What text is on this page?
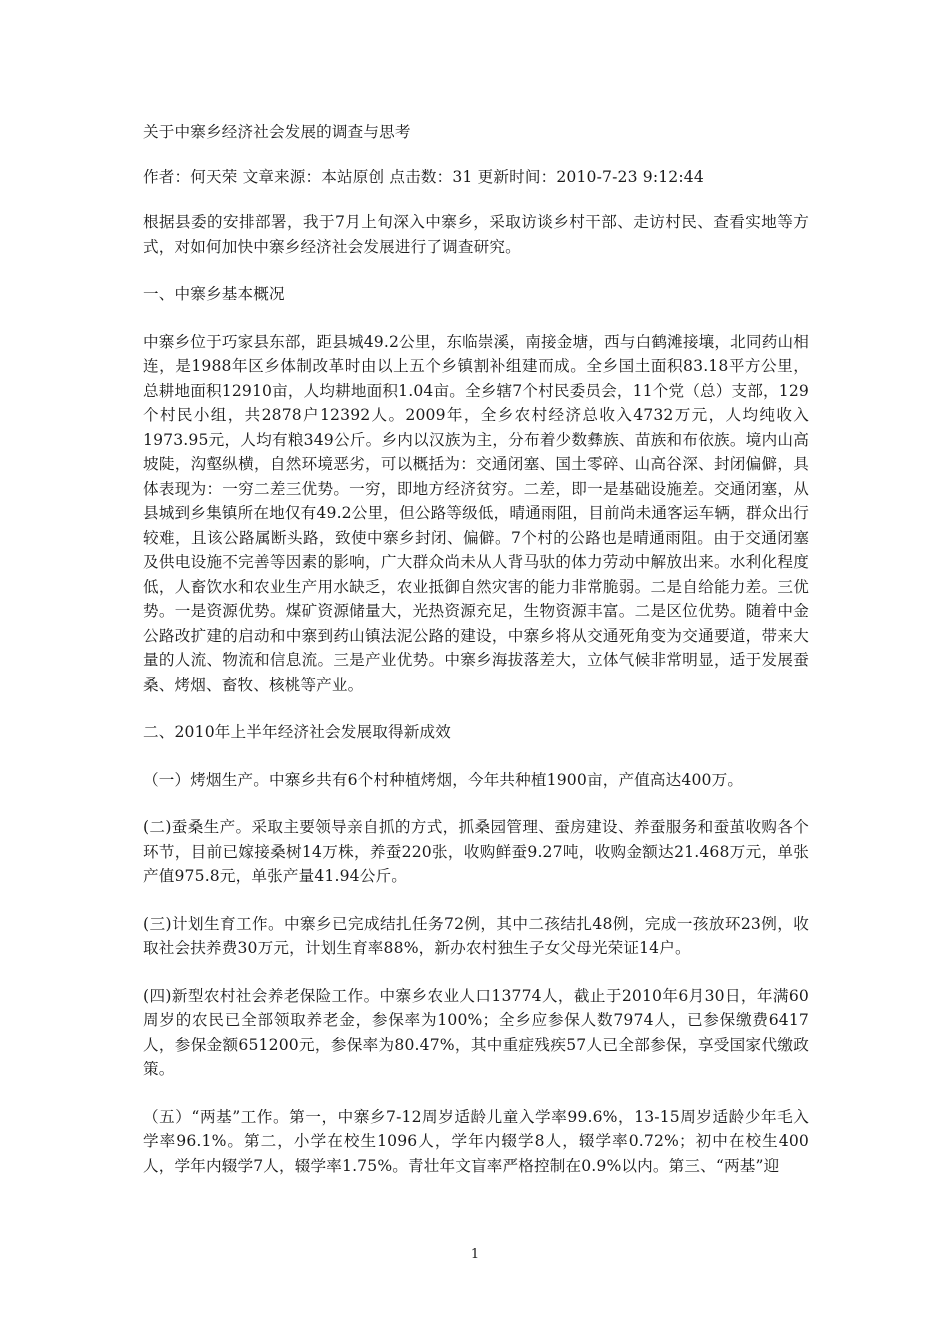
关于中寨乡经济社会发展的调查与思考

作者：何天荣 文章来源：本站原创 点击数：31 更新时间：2010-7-23 9:12:44

根据县委的安排部署，我于7月上旬深入中寨乡，采取访谈乡村干部、走访村民、查看实地等方式，对如何加快中寨乡经济社会发展进行了调查研究。

一、中寨乡基本概况

中寨乡位于巧家县东部，距县城49.2公里，东临崇溪，南接金塘，西与白鹤滩接壤，北同药山相连，是1988年区乡体制改革时由以上五个乡镇割补组建而成。全乡国土面积83.18平方公里，总耕地面积12910亩，人均耕地面积1.04亩。全乡辖7个村民委员会，11个党（总）支部，129个村民小组，共2878户12392人。2009年，全乡农村经济总收入4732万元，人均纯收入1973.95元，人均有粮349公斤。乡内以汉族为主，分布着少数彝族、苗族和布依族。境内山高坡陡，沟壑纵横，自然环境恶劣，可以概括为：交通闭塞、国土零碎、山高谷深、封闭偏僻，具体表现为：一穷二差三优势。一穷，即地方经济贫穷。二差，即一是基础设施差。交通闭塞，从县城到乡集镇所在地仅有49.2公里，但公路等级低，晴通雨阻，目前尚未通客运车辆，群众出行较难，且该公路属断头路，致使中寨乡封闭、偏僻。7个村的公路也是晴通雨阻。由于交通闭塞及供电设施不完善等因素的影响，广大群众尚未从人背马驮的体力劳动中解放出来。水利化程度低，人畜饮水和农业生产用水缺乏，农业抵御自然灾害的能力非常脆弱。二是自给能力差。三优势。一是资源优势。煤矿资源储量大，光热资源充足，生物资源丰富。二是区位优势。随着中金公路改扩建的启动和中寨到药山镇法泥公路的建设，中寨乡将从交通死角变为交通要道，带来大量的人流、物流和信息流。三是产业优势。中寨乡海拔落差大，立体气候非常明显，适于发展蚕桑、烤烟、畜牧、核桃等产业。

二、2010年上半年经济社会发展取得新成效

（一）烤烟生产。中寨乡共有6个村种植烤烟，今年共种植1900亩，产值高达400万。

(二)蚕桑生产。采取主要领导亲自抓的方式，抓桑园管理、蚕房建设、养蚕服务和蚕茧收购各个环节，目前已嫁接桑树14万株，养蚕220张，收购鲜蚕9.27吨，收购金额达21.468万元，单张产值975.8元，单张产量41.94公斤。

(三)计划生育工作。中寨乡已完成结扎任务72例，其中二孩结扎48例，完成一孩放环23例，收取社会扶养费30万元，计划生育率88%，新办农村独生子女父母光荣证14户。

(四)新型农村社会养老保险工作。中寨乡农业人口13774人，截止于2010年6月30日，年满60周岁的农民已全部领取养老金，参保率为100%；全乡应参保人数7974人，已参保缴费6417人，参保金额651200元，参保率为80.47%，其中重症残疾57人已全部参保，享受国家代缴政策。

（五）“两基”工作。第一，中寨乡7-12周岁适龄儿童入学率99.6%，13-15周岁适龄少年毛入学率96.1%。第二，小学在校生1096人，学年内辍学8人，辍学率0.72%；初中在校生400人，学年内辍学7人，辍学率1.75%。青壮年文盲率严格控制在0.9%以内。第三、“两基”迎

1
